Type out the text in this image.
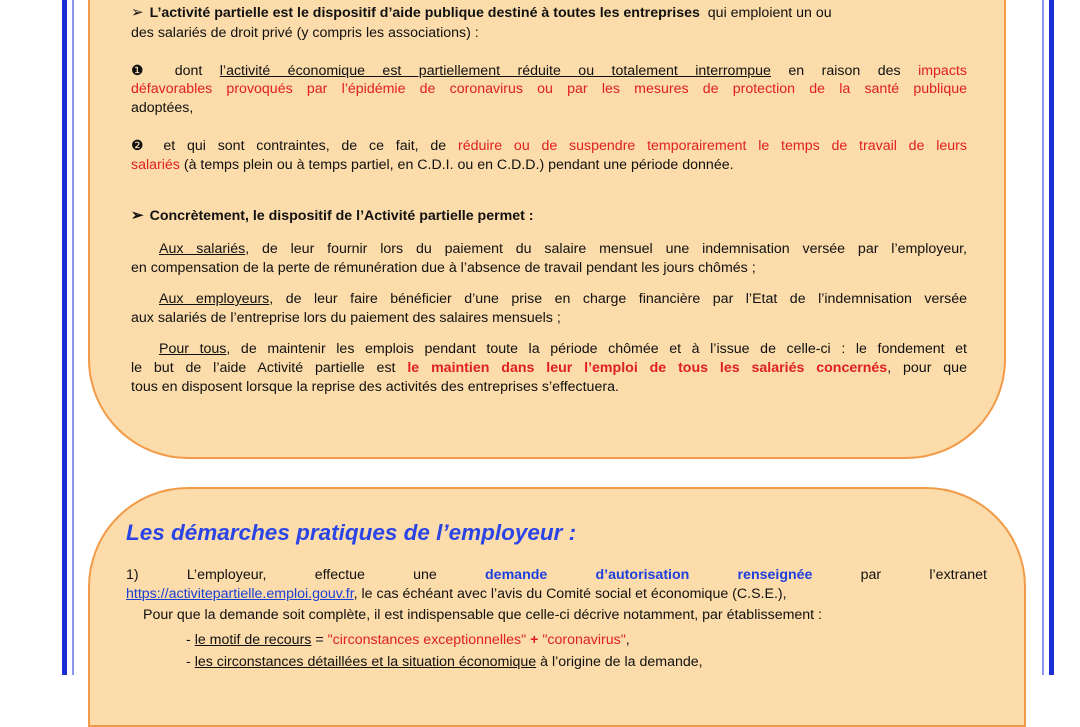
➢ L’activité partielle est le dispositif d’aide publique destiné à toutes les entreprises qui emploient un ou

des salariés de droit privé (y compris les associations) :

❶ dont l’activité économique est partiellement réduite ou totalement interrompue en raison des impacts

défavorables provoqués par l’épidémie de coronavirus ou par les mesures de protection de la santé publique

adoptées,

❷ et qui sont contraintes, de ce fait, de réduire ou de suspendre temporairement le temps de travail de leurs

salariés (à temps plein ou à temps partiel, en C.D.I. ou en C.D.D.) pendant une période donnée.

➢ Concrètement, le dispositif de l’Activité partielle permet :

Aux salariés, de leur fournir lors du paiement du salaire mensuel une indemnisation versée par l’employeur,

en compensation de la perte de rémunération due à l’absence de travail pendant les jours chômés ;

Aux employeurs, de leur faire bénéficier d’une prise en charge financière par l’Etat de l’indemnisation versée

aux salariés de l’entreprise lors du paiement des salaires mensuels ;

Pour tous, de maintenir les emplois pendant toute la période chômée et à l’issue de celle-ci : le fondement et

le but de l’aide Activité partielle est le maintien dans leur l’emploi de tous les salariés concernés, pour que

tous en disposent lorsque la reprise des activités des entreprises s’effectuera.

Les démarches pratiques de l’employeur :

1)	L’employeur,	effectue	une	demande	d’autorisation	renseignée	par	l’extranet

https://activitepartielle.emploi.gouv.fr, le cas échéant avec l’avis du Comité social et économique (C.S.E.),

Pour que la demande soit complète, il est indispensable que celle-ci décrive notamment, par établissement :

- le motif de recours = "circonstances exceptionnelles" + "coronavirus",

- les circonstances détaillées et la situation économique à l’origine de la demande,
